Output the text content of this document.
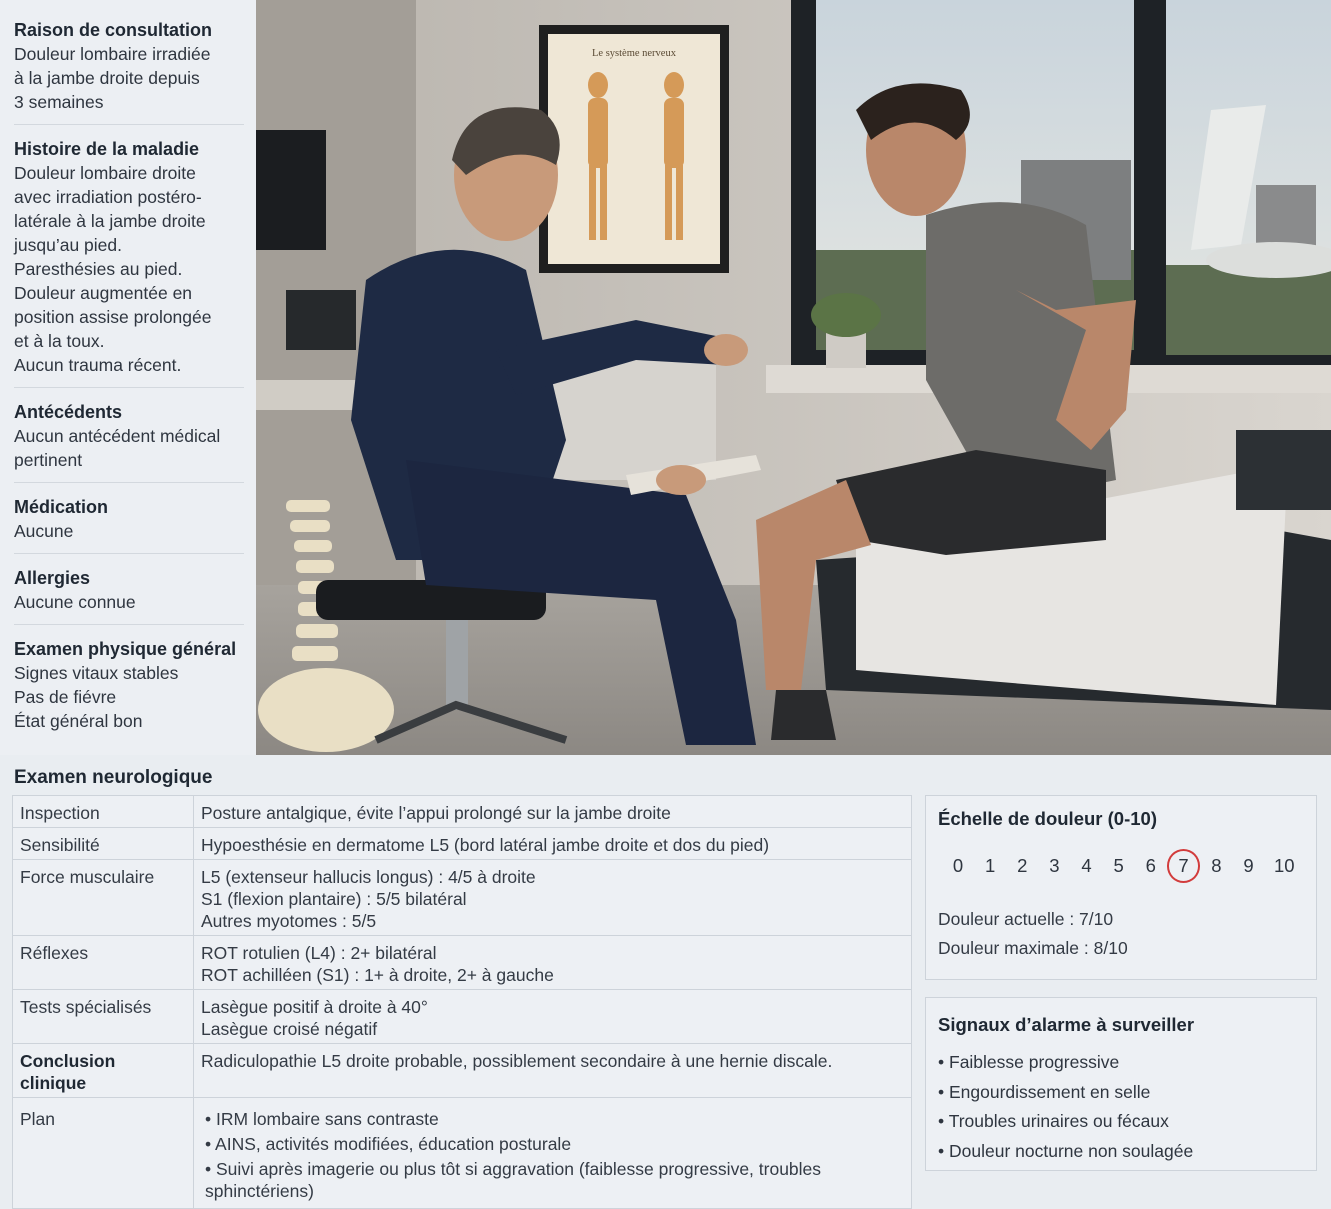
Raison de consultation
Douleur lombaire irradiée
à la jambe droite depuis
3 semaines
Histoire de la maladie
Douleur lombaire droite
avec irradiation postéro-
latérale à la jambe droite
jusqu’au pied.
Paresthésies au pied.
Douleur augmentée en
position assise prolongée
et à la toux.
Aucun trauma récent.
Antécédents
Aucun antécédent médical
pertinent
Médication
Aucune
Allergies
Aucune connue
Examen physique général
Signes vitaux stables
Pas de fiévre
État général bon
Le système nerveux
Examen neurologique
Inspection	Posture antalgique, évite l’appui prolongé sur la jambe droite

Sensibilité	Hypoesthésie en dermatome L5 (bord latéral jambe droite et dos du pied)

Force musculaire	L5 (extenseur hallucis longus) : 4/5 à droite
S1 (flexion plantaire) : 5/5 bilatéral
Autres myotomes : 5/5

Réflexes	ROT rotulien (L4) : 2+ bilatéral
ROT achilléen (S1) : 1+ à droite, 2+ à gauche

Tests spécialisés	Lasègue positif à droite à 40°
Lasègue croisé négatif

Conclusion clinique	Radiculopathie L5 droite probable, possiblement secondaire à une hernie discale.

Plan	• IRM lombaire sans contraste
• AINS, activités modifiées, éducation posturale
• Suivi après imagerie ou plus tôt si aggravation (faiblesse progressive, troubles sphinctériens)
Échelle de douleur (0-10)
0	1	2	3	4	5	6	7	8	9	10
Douleur actuelle : 7/10
Douleur maximale : 8/10
Signaux d’alarme à surveiller
• Faiblesse progressive
• Engourdissement en selle
• Troubles urinaires ou fécaux
• Douleur nocturne non soulagée
